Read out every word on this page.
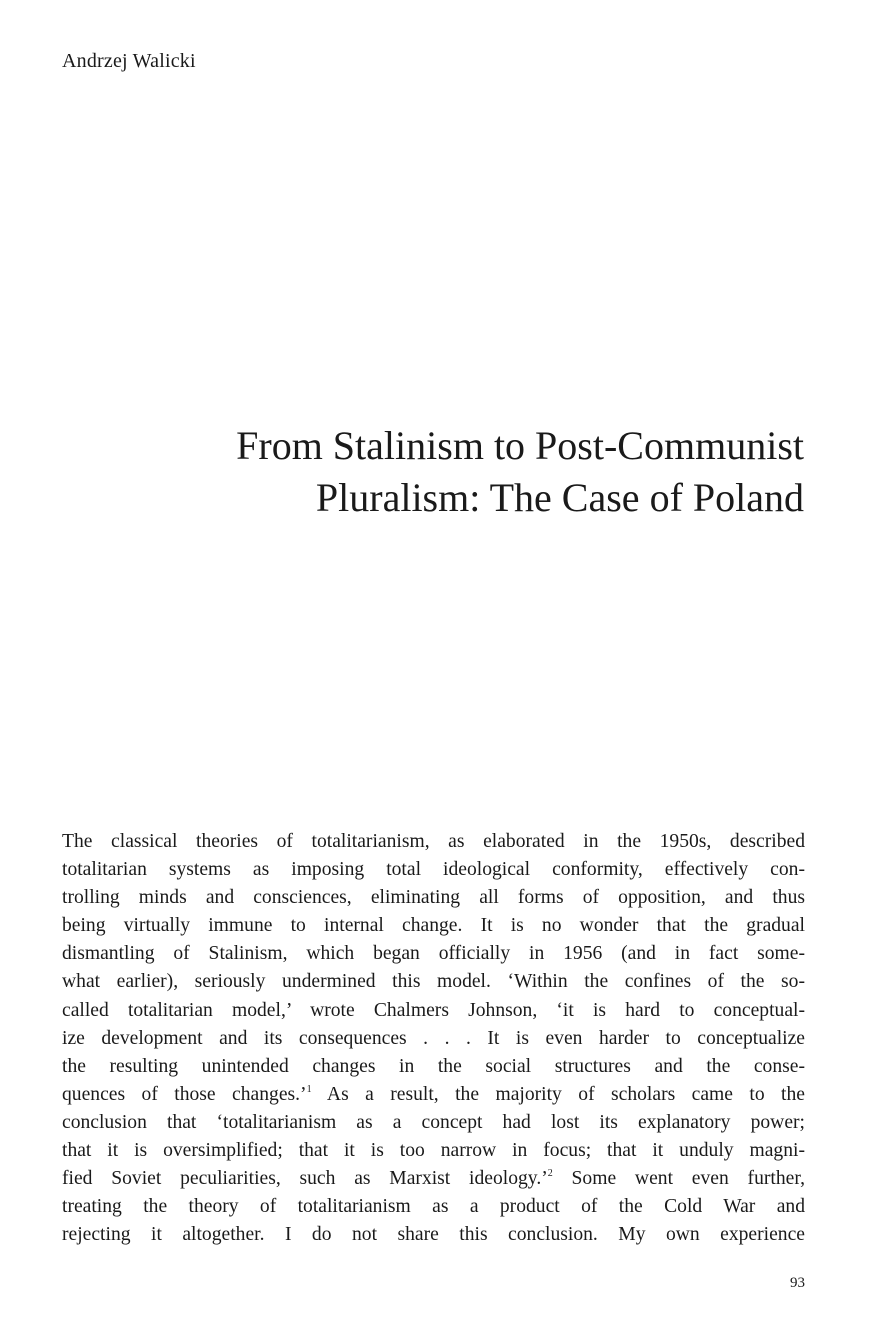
Andrzej Walicki
From Stalinism to Post-Communist
Pluralism: The Case of Poland
The classical theories of totalitarianism, as elaborated in the 1950s, described
totalitarian systems as imposing total ideological conformity, effectively con-
trolling minds and consciences, eliminating all forms of opposition, and thus
being virtually immune to internal change. It is no wonder that the gradual
dismantling of Stalinism, which began officially in 1956 (and in fact some-
what earlier), seriously undermined this model. ‘Within the confines of the so-
called totalitarian model,’ wrote Chalmers Johnson, ‘it is hard to conceptual-
ize development and its consequences . . . It is even harder to conceptualize
the resulting unintended changes in the social structures and the conse-
quences of those changes.’$^1$ As a result, the majority of scholars came to the
conclusion that ‘totalitarianism as a concept had lost its explanatory power;
that it is oversimplified; that it is too narrow in focus; that it unduly magni-
fied Soviet peculiarities, such as Marxist ideology.’$^2$ Some went even further,
treating the theory of totalitarianism as a product of the Cold War and
rejecting it altogether. I do not share this conclusion. My own experience
93
